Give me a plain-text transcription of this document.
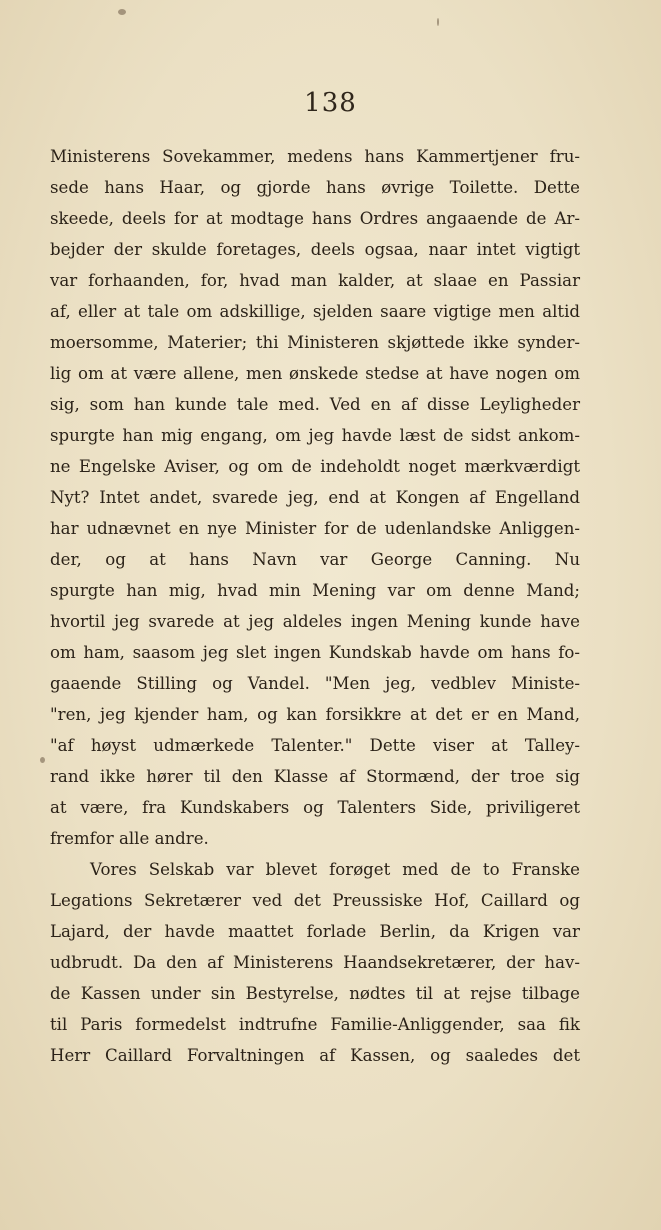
138
Ministerens Sovekammer, medens hans Kammertjener fru-
sede hans Haar, og gjorde hans øvrige Toilette. Dette
skeede, deels for at modtage hans Ordres angaaende de Ar-
bejder der skulde foretages, deels ogsaa, naar intet vigtigt
var forhaanden, for, hvad man kalder, at slaae en Passiar
af, eller at tale om adskillige, sjelden saare vigtige men altid
moersomme, Materier; thi Ministeren skjøttede ikke synder-
lig om at være allene, men ønskede stedse at have nogen om
sig, som han kunde tale med. Ved en af disse Leyligheder
spurgte han mig engang, om jeg havde læst de sidst ankom-
ne Engelske Aviser, og om de indeholdt noget mærkværdigt
Nyt? Intet andet, svarede jeg, end at Kongen af Engelland
har udnævnet en nye Minister for de udenlandske Anliggen-
der, og at hans Navn var George Canning. Nu
spurgte han mig, hvad min Mening var om denne Mand;
hvortil jeg svarede at jeg aldeles ingen Mening kunde have
om ham, saasom jeg slet ingen Kundskab havde om hans fo-
gaaende Stilling og Vandel. "Men jeg, vedblev Ministe-
"ren, jeg kjender ham, og kan forsikkre at det er en Mand,
"af høyst udmærkede Talenter." Dette viser at Talley-
rand ikke hører til den Klasse af Stormænd, der troe sig
at være, fra Kundskabers og Talenters Side, priviligeret
fremfor alle andre.
Vores Selskab var blevet forøget med de to Franske
Legations Sekretærer ved det Preussiske Hof, Caillard og
Lajard, der havde maattet forlade Berlin, da Krigen var
udbrudt. Da den af Ministerens Haandsekretærer, der hav-
de Kassen under sin Bestyrelse, nødtes til at rejse tilbage
til Paris formedelst indtrufne Familie-Anliggender, saa fik
Herr Caillard Forvaltningen af Kassen, og saaledes det
